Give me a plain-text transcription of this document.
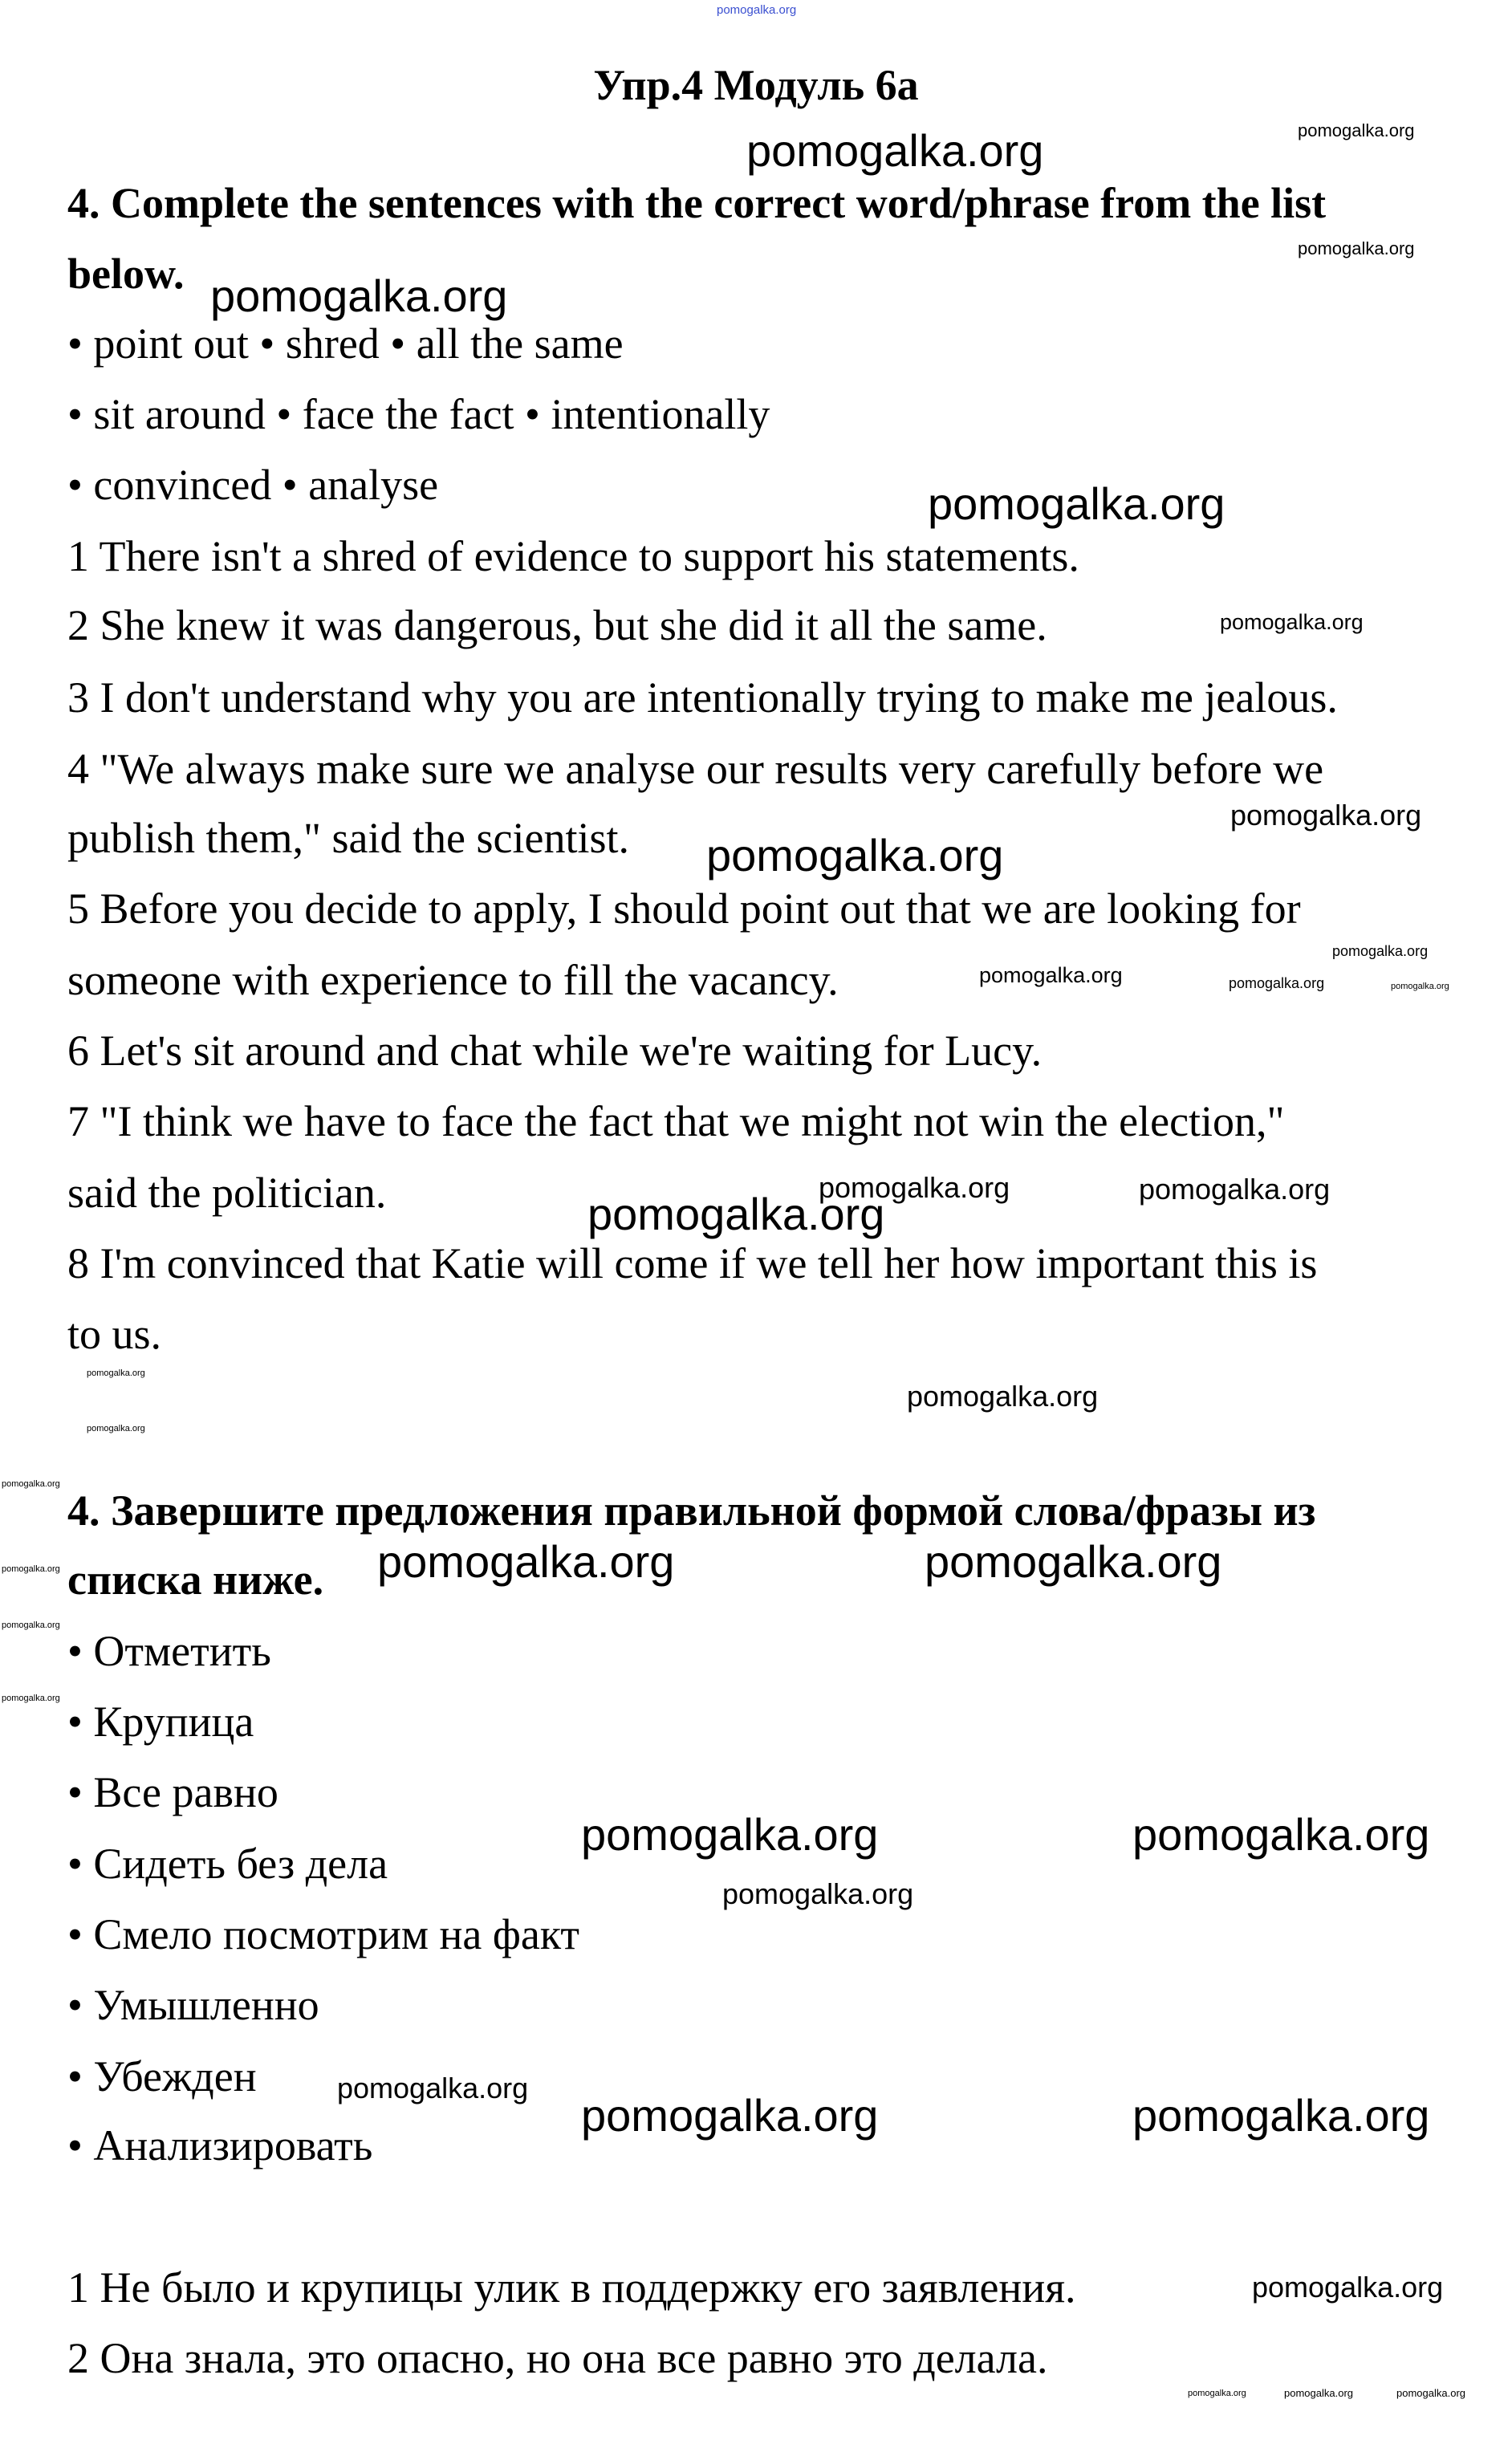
pomogalka.org
Упр.4 Модуль 6а
4. Complete the sentences with the correct word/phrase from the list
below.
• point out • shred • all the same
• sit around • face the fact • intentionally
• convinced • analyse
1 There isn't a shred of evidence to support his statements.
2 She knew it was dangerous, but she did it all the same.
3 I don't understand why you are intentionally trying to make me jealous.
4 "We always make sure we analyse our results very carefully before we
publish them," said the scientist.
5 Before you decide to apply, I should point out that we are looking for
someone with experience to fill the vacancy.
6 Let's sit around and chat while we're waiting for Lucy.
7 "I think we have to face the fact that we might not win the election,"
said the politician.
8 I'm convinced that Katie will come if we tell her how important this is
to us.
4. Завершите предложения правильной формой слова/фразы из
списка ниже.
• Отметить
• Крупица
• Все равно
• Сидеть без дела
• Смело посмотрим на факт
• Умышленно
• Убежден
• Анализировать
1 Не было и крупицы улик в поддержку его заявления.
2 Она знала, это опасно, но она все равно это делала.
pomogalka.org
pomogalka.org
pomogalka.org
pomogalka.org
pomogalka.org
pomogalka.org	pomogalka.org
pomogalka.org	pomogalka.org
pomogalka.org	pomogalka.org
pomogalka.org
pomogalka.org
pomogalka.org
pomogalka.org
pomogalka.org
pomogalka.org
pomogalka.org
pomogalka.org
pomogalka.org
pomogalka.org
pomogalka.org
pomogalka.org
pomogalka.org	pomogalka.org
pomogalka.org
pomogalka.org
pomogalka.org
pomogalka.org
pomogalka.org
pomogalka.org
pomogalka.org	pomogalka.org	pomogalka.org
